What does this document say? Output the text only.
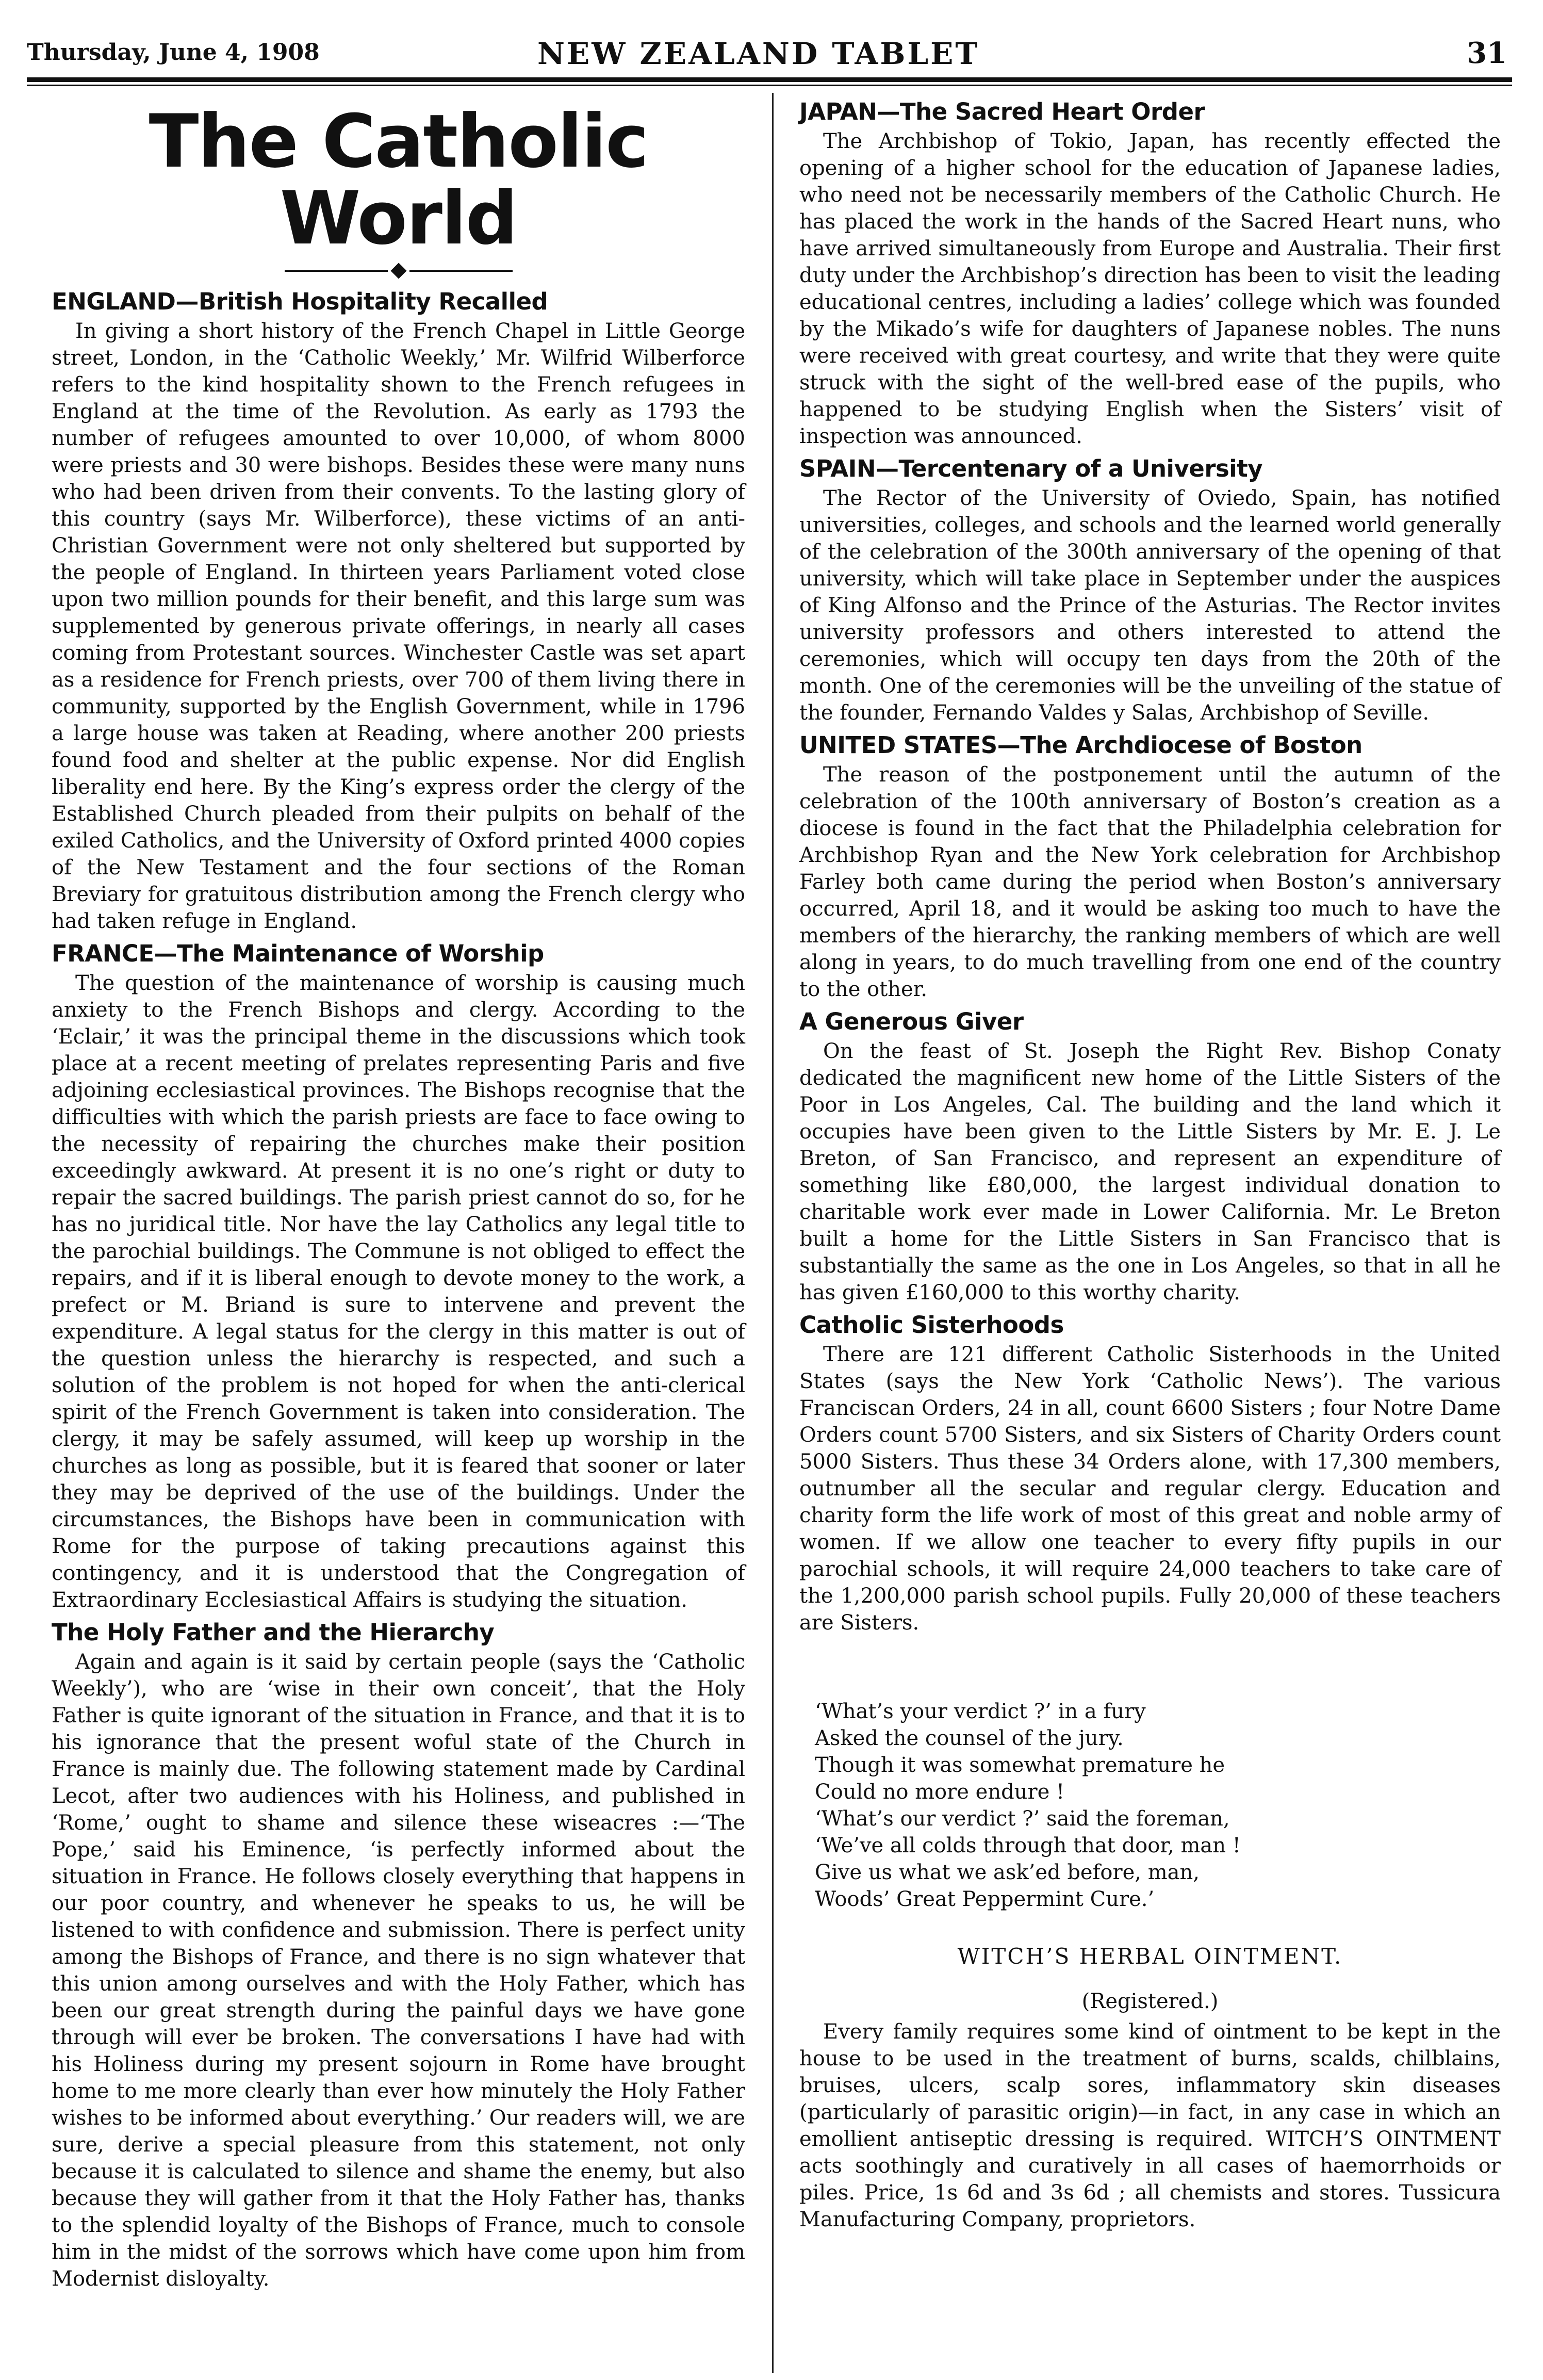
Thursday, June 4, 1908	NEW ZEALAND TABLET	31
The Catholic World
ENGLAND—British Hospitality Recalled

In giving a short history of the French Chapel in Little George street, London, in the ‘Catholic Weekly,’ Mr. Wilfrid Wilberforce refers to the kind hospitality shown to the French refugees in England at the time of the Revolution. As early as 1793 the number of refugees amounted to over 10,000, of whom 8000 were priests and 30 were bishops. Besides these were many nuns who had been driven from their convents. To the lasting glory of this country (says Mr. Wilberforce), these victims of an anti-Christian Government were not only sheltered but supported by the people of England. In thirteen years Parliament voted close upon two million pounds for their benefit, and this large sum was supplemented by generous private offerings, in nearly all cases coming from Protestant sources. Winchester Castle was set apart as a residence for French priests, over 700 of them living there in community, supported by the English Government, while in 1796 a large house was taken at Reading, where another 200 priests found food and shelter at the public expense. Nor did English liberality end here. By the King’s express order the clergy of the Established Church pleaded from their pulpits on behalf of the exiled Catholics, and the University of Oxford printed 4000 copies of the New Testament and the four sections of the Roman Breviary for gratuitous distribution among the French clergy who had taken refuge in England.

FRANCE—The Maintenance of Worship

The question of the maintenance of worship is causing much anxiety to the French Bishops and clergy. According to the ‘Eclair,’ it was the principal theme in the discussions which took place at a recent meeting of prelates representing Paris and five adjoining ecclesiastical provinces. The Bishops recognise that the difficulties with which the parish priests are face to face owing to the necessity of repairing the churches make their position exceedingly awkward. At present it is no one’s right or duty to repair the sacred buildings. The parish priest cannot do so, for he has no juridical title. Nor have the lay Catholics any legal title to the parochial buildings. The Commune is not obliged to effect the repairs, and if it is liberal enough to devote money to the work, a prefect or M. Briand is sure to intervene and prevent the expenditure. A legal status for the clergy in this matter is out of the question unless the hierarchy is respected, and such a solution of the problem is not hoped for when the anti-clerical spirit of the French Government is taken into consideration. The clergy, it may be safely assumed, will keep up worship in the churches as long as possible, but it is feared that sooner or later they may be deprived of the use of the buildings. Under the circumstances, the Bishops have been in communication with Rome for the purpose of taking precautions against this contingency, and it is understood that the Congregation of Extraordinary Ecclesiastical Affairs is studying the situation.

The Holy Father and the Hierarchy

Again and again is it said by certain people (says the ‘Catholic Weekly’), who are ‘wise in their own conceit’, that the Holy Father is quite ignorant of the situation in France, and that it is to his ignorance that the present woful state of the Church in France is mainly due. The following statement made by Cardinal Lecot, after two audiences with his Holiness, and published in ‘Rome,’ ought to shame and silence these wiseacres :—‘The Pope,’ said his Eminence, ‘is perfectly informed about the situation in France. He follows closely everything that happens in our poor country, and whenever he speaks to us, he will be listened to with confidence and submission. There is perfect unity among the Bishops of France, and there is no sign whatever that this union among ourselves and with the Holy Father, which has been our great strength during the painful days we have gone through will ever be broken. The conversations I have had with his Holiness during my present sojourn in Rome have brought home to me more clearly than ever how minutely the Holy Father wishes to be informed about everything.’ Our readers will, we are sure, derive a special pleasure from this statement, not only because it is calculated to silence and shame the enemy, but also because they will gather from it that the Holy Father has, thanks to the splendid loyalty of the Bishops of France, much to console him in the midst of the sorrows which have come upon him from Modernist disloyalty.

JAPAN—The Sacred Heart Order

The Archbishop of Tokio, Japan, has recently effected the opening of a higher school for the education of Japanese ladies, who need not be necessarily members of the Catholic Church. He has placed the work in the hands of the Sacred Heart nuns, who have arrived simultaneously from Europe and Australia. Their first duty under the Archbishop’s direction has been to visit the leading educational centres, including a ladies’ college which was founded by the Mikado’s wife for daughters of Japanese nobles. The nuns were received with great courtesy, and write that they were quite struck with the sight of the well-bred ease of the pupils, who happened to be studying English when the Sisters’ visit of inspection was announced.

SPAIN—Tercentenary of a University

The Rector of the University of Oviedo, Spain, has notified universities, colleges, and schools and the learned world generally of the celebration of the 300th anniversary of the opening of that university, which will take place in September under the auspices of King Alfonso and the Prince of the Asturias. The Rector invites university professors and others interested to attend the ceremonies, which will occupy ten days from the 20th of the month. One of the ceremonies will be the unveiling of the statue of the founder, Fernando Valdes y Salas, Archbishop of Seville.

UNITED STATES—The Archdiocese of Boston

The reason of the postponement until the autumn of the celebration of the 100th anniversary of Boston’s creation as a diocese is found in the fact that the Philadelphia celebration for Archbishop Ryan and the New York celebration for Archbishop Farley both came during the period when Boston’s anniversary occurred, April 18, and it would be asking too much to have the members of the hierarchy, the ranking members of which are well along in years, to do much travelling from one end of the country to the other.

A Generous Giver

On the feast of St. Joseph the Right Rev. Bishop Conaty dedicated the magnificent new home of the Little Sisters of the Poor in Los Angeles, Cal. The building and the land which it occupies have been given to the Little Sisters by Mr. E. J. Le Breton, of San Francisco, and represent an expenditure of something like £80,000, the largest individual donation to charitable work ever made in Lower California. Mr. Le Breton built a home for the Little Sisters in San Francisco that is substantially the same as the one in Los Angeles, so that in all he has given £160,000 to this worthy charity.

Catholic Sisterhoods

There are 121 different Catholic Sisterhoods in the United States (says the New York ‘Catholic News’). The various Franciscan Orders, 24 in all, count 6600 Sisters ; four Notre Dame Orders count 5700 Sisters, and six Sisters of Charity Orders count 5000 Sisters. Thus these 34 Orders alone, with 17,300 members, outnumber all the secular and regular clergy. Education and charity form the life work of most of this great and noble army of women. If we allow one teacher to every fifty pupils in our parochial schools, it will require 24,000 teachers to take care of the 1,200,000 parish school pupils. Fully 20,000 of these teachers are Sisters.

‘What’s your verdict ?’ in a fury
Asked the counsel of the jury.
Though it was somewhat premature he
Could no more endure !
‘What’s our verdict ?’ said the foreman,
‘We’ve all colds through that door, man !
Give us what we ask’ed before, man,
Woods’ Great Peppermint Cure.’
WITCH’S HERBAL OINTMENT.
(Registered.)

Every family requires some kind of ointment to be kept in the house to be used in the treatment of burns, scalds, chilblains, bruises, ulcers, scalp sores, inflammatory skin diseases (particularly of parasitic origin)—in fact, in any case in which an emollient antiseptic dressing is required. WITCH’S OINTMENT acts soothingly and curatively in all cases of haemorrhoids or piles. Price, 1s 6d and 3s 6d ; all chemists and stores. Tussicura Manufacturing Company, proprietors.
